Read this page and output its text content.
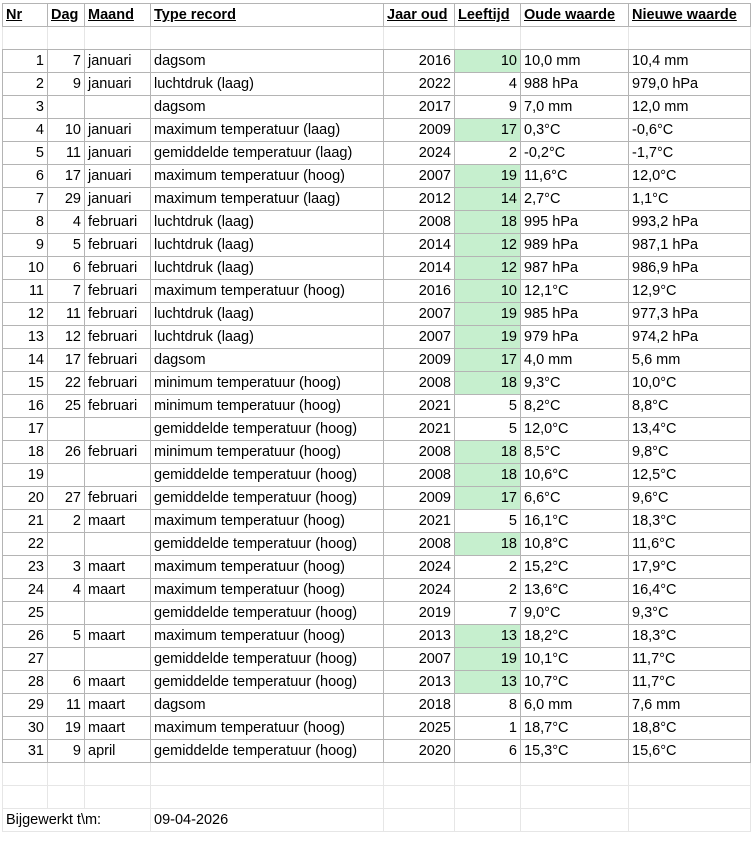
Nr	Dag	Maand	Type record	Jaar oud	Leeftijd	Oude waarde	Nieuwe waarde

1	7	januari	dagsom	2016	10	10,0 mm	10,4 mm
2	9	januari	luchtdruk (laag)	2022	4	988 hPa	979,0 hPa
3			dagsom	2017	9	7,0 mm	12,0 mm
4	10	januari	maximum temperatuur (laag)	2009	17	0,3°C	-0,6°C
5	11	januari	gemiddelde temperatuur (laag)	2024	2	-0,2°C	-1,7°C
6	17	januari	maximum temperatuur (hoog)	2007	19	11,6°C	12,0°C
7	29	januari	maximum temperatuur (laag)	2012	14	2,7°C	1,1°C
8	4	februari	luchtdruk (laag)	2008	18	995 hPa	993,2 hPa
9	5	februari	luchtdruk (laag)	2014	12	989 hPa	987,1 hPa
10	6	februari	luchtdruk (laag)	2014	12	987 hPa	986,9 hPa
11	7	februari	maximum temperatuur (hoog)	2016	10	12,1°C	12,9°C
12	11	februari	luchtdruk (laag)	2007	19	985 hPa	977,3 hPa
13	12	februari	luchtdruk (laag)	2007	19	979 hPa	974,2 hPa
14	17	februari	dagsom	2009	17	4,0 mm	5,6 mm
15	22	februari	minimum temperatuur (hoog)	2008	18	9,3°C	10,0°C
16	25	februari	minimum temperatuur (hoog)	2021	5	8,2°C	8,8°C
17			gemiddelde temperatuur (hoog)	2021	5	12,0°C	13,4°C
18	26	februari	minimum temperatuur (hoog)	2008	18	8,5°C	9,8°C
19			gemiddelde temperatuur (hoog)	2008	18	10,6°C	12,5°C
20	27	februari	gemiddelde temperatuur (hoog)	2009	17	6,6°C	9,6°C
21	2	maart	maximum temperatuur (hoog)	2021	5	16,1°C	18,3°C
22			gemiddelde temperatuur (hoog)	2008	18	10,8°C	11,6°C
23	3	maart	maximum temperatuur (hoog)	2024	2	15,2°C	17,9°C
24	4	maart	maximum temperatuur (hoog)	2024	2	13,6°C	16,4°C
25			gemiddelde temperatuur (hoog)	2019	7	9,0°C	9,3°C
26	5	maart	maximum temperatuur (hoog)	2013	13	18,2°C	18,3°C
27			gemiddelde temperatuur (hoog)	2007	19	10,1°C	11,7°C
28	6	maart	gemiddelde temperatuur (hoog)	2013	13	10,7°C	11,7°C
29	11	maart	dagsom	2018	8	6,0 mm	7,6 mm
30	19	maart	maximum temperatuur (hoog)	2025	1	18,7°C	18,8°C
31	9	april	gemiddelde temperatuur (hoog)	2020	6	15,3°C	15,6°C

Bijgewerkt t\m:			09-04-2026				
